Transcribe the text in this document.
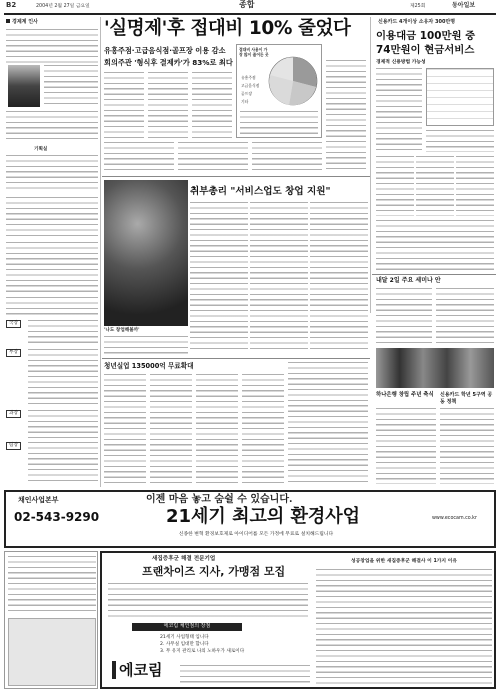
B2	2004년 2월 27일 금요일	종합	제25회	동아일보
경제계 인사
기획실
국장
부장
과장
팀장
'실명제'후 접대비 10% 줄었다
유흥주점·고급음식점·골프장 이용 감소
회의주관 '형식후 결제카'가 83%로 최다
접대비 사용이 가장 많이 줄어든 곳
유흥주점
고급음식점
골프장
기타
신용카드 4개이상 소유자 300만명
이용대금 100만원 중
74만원이 현금서비스
경제적 신용방법 가능성
취부총리 "서비스업도 창업 지원"
'나도 창업해볼까'
청년실업 135000억 무료확대
내달 2일 주요 세미나 안
하나은행 창립 주년 축식	신용카드 학년 5구역 공동 정책
이젠 마음 놓고 숨쉴 수 있습니다.
21세기 최고의 환경사업
채인사업본부
02-543-9290	www.ecocam.co.kr
신종한 변혁 환경보호제로 아이디어를 모든 가정에 무료로 설치해드립니다
새집증후군 해결 전문기업
프랜차이즈 지사, 가맹점 모집
에코림 체인점의 장점
21세기 사업형태 입니다
2. 사무실 임대만 합니다
3. 무 유지 관리로 나의 노하우가 새로이다
에코림
성공창업을 위한 새집증후군 해결사 이 1가지 이유
